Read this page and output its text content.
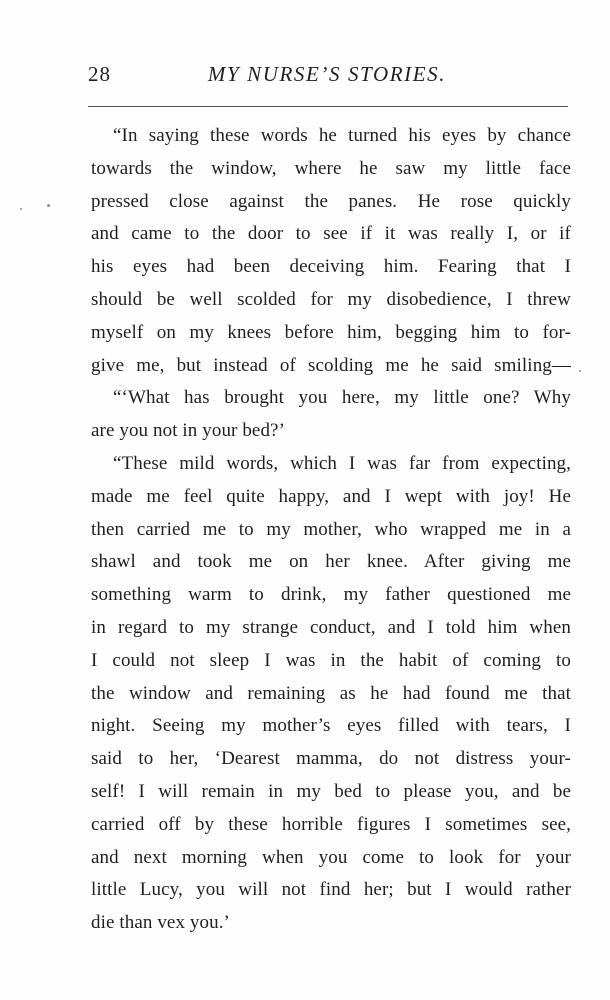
28	MY NURSE’S STORIES.
“In saying these words he turned his eyes by chance
towards the window, where he saw my little face
pressed close against the panes. He rose quickly
and came to the door to see if it was really I, or if
his eyes had been deceiving him. Fearing that I
should be well scolded for my disobedience, I threw
myself on my knees before him, begging him to for-
give me, but instead of scolding me he said smiling—
“‘What has brought you here, my little one? Why
are you not in your bed?’
“These mild words, which I was far from expecting,
made me feel quite happy, and I wept with joy! He
then carried me to my mother, who wrapped me in a
shawl and took me on her knee. After giving me
something warm to drink, my father questioned me
in regard to my strange conduct, and I told him when
I could not sleep I was in the habit of coming to
the window and remaining as he had found me that
night. Seeing my mother’s eyes filled with tears, I
said to her, ‘Dearest mamma, do not distress your-
self! I will remain in my bed to please you, and be
carried off by these horrible figures I sometimes see,
and next morning when you come to look for your
little Lucy, you will not find her; but I would rather
die than vex you.’
